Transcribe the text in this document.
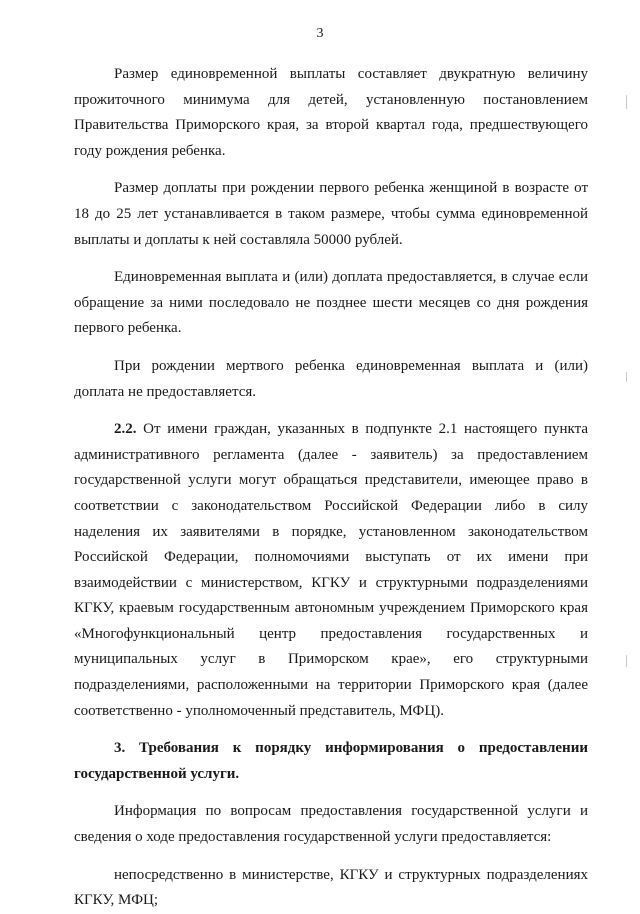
3

Размер единовременной выплаты составляет двукратную величину прожиточного минимума для детей, установленную постановлением Правительства Приморского края, за второй квартал года, предшествующего году рождения ребенка.

Размер доплаты при рождении первого ребенка женщиной в возрасте от 18 до 25 лет устанавливается в таком размере, чтобы сумма единовременной выплаты и доплаты к ней составляла 50000 рублей.

Единовременная выплата и (или) доплата предоставляется, в случае если обращение за ними последовало не позднее шести месяцев со дня рождения первого ребенка.

При рождении мертвого ребенка единовременная выплата и (или) доплата не предоставляется.

2.2. От имени граждан, указанных в подпункте 2.1 настоящего пункта административного регламента (далее - заявитель) за предоставлением государственной услуги могут обращаться представители, имеющее право в соответствии с законодательством Российской Федерации либо в силу наделения их заявителями в порядке, установленном законодательством Российской Федерации, полномочиями выступать от их имени при взаимодействии с министерством, КГКУ и структурными подразделениями КГКУ, краевым государственным автономным учреждением Приморского края «Многофункциональный центр предоставления государственных и муниципальных услуг в Приморском крае», его структурными подразделениями, расположенными на территории Приморского края (далее соответственно - уполномоченный представитель, МФЦ).

3. Требования к порядку информирования о предоставлении государственной услуги.

Информация по вопросам предоставления государственной услуги и сведения о ходе предоставления государственной услуги предоставляется:

непосредственно в министерстве, КГКУ и структурных подразделениях КГКУ, МФЦ;
